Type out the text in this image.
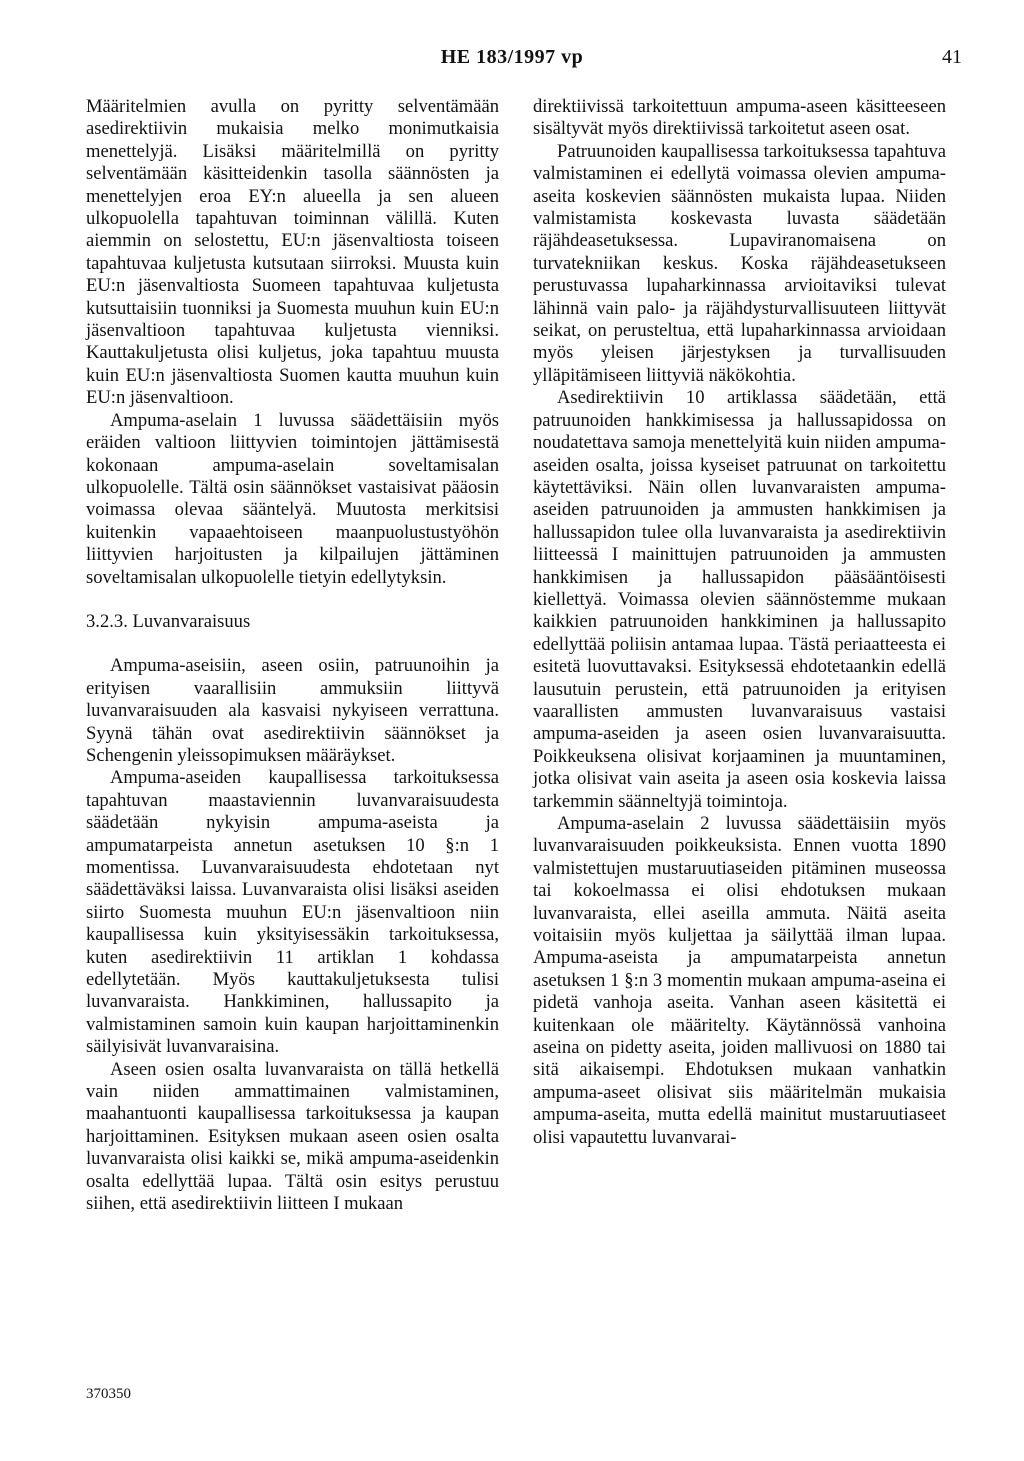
HE 183/1997 vp	41

Määritelmien avulla on pyritty selventämään asedirektiivin mukaisia melko monimutkaisia menettelyjä. Lisäksi määritelmillä on pyritty selventämään käsitteidenkin tasolla säännösten ja menettelyjen eroa EY:n alueella ja sen alueen ulkopuolella tapahtuvan toiminnan välillä. Kuten aiemmin on selostettu, EU:n jäsenvaltiosta toiseen tapahtuvaa kuljetusta kutsutaan siirroksi. Muusta kuin EU:n jäsenvaltiosta Suomeen tapahtuvaa kuljetusta kutsuttaisiin tuonniksi ja Suomesta muuhun kuin EU:n jäsenvaltioon tapahtuvaa kuljetusta vienniksi. Kauttakuljetusta olisi kuljetus, joka tapahtuu muusta kuin EU:n jäsenvaltiosta Suomen kautta muuhun kuin EU:n jäsenvaltioon.

Ampuma-aselain 1 luvussa säädettäisiin myös eräiden valtioon liittyvien toimintojen jättämisestä kokonaan ampuma-aselain soveltamisalan ulkopuolelle. Tältä osin säännökset vastaisivat pääosin voimassa olevaa sääntelyä. Muutosta merkitsisi kuitenkin vapaaehtoiseen maanpuolustustyöhön liittyvien harjoitusten ja kilpailujen jättäminen soveltamisalan ulkopuolelle tietyin edellytyksin.

3.2.3. Luvanvaraisuus

Ampuma-aseisiin, aseen osiin, patruunoihin ja erityisen vaarallisiin ammuksiin liittyvä luvanvaraisuuden ala kasvaisi nykyiseen verrattuna. Syynä tähän ovat asedirektiivin säännökset ja Schengenin yleissopimuksen määräykset.

Ampuma-aseiden kaupallisessa tarkoituksessa tapahtuvan maastaviennin luvanvaraisuudesta säädetään nykyisin ampuma-aseista ja ampumatarpeista annetun asetuksen 10 §:n 1 momentissa. Luvanvaraisuudesta ehdotetaan nyt säädettäväksi laissa. Luvanvaraista olisi lisäksi aseiden siirto Suomesta muuhun EU:n jäsenvaltioon niin kaupallisessa kuin yksityisessäkin tarkoituksessa, kuten asedirektiivin 11 artiklan 1 kohdassa edellytetään. Myös kauttakuljetuksesta tulisi luvanvaraista. Hankkiminen, hallussapito ja valmistaminen samoin kuin kaupan harjoittaminenkin säilyisivät luvanvaraisina.

Aseen osien osalta luvanvaraista on tällä hetkellä vain niiden ammattimainen valmistaminen, maahantuonti kaupallisessa tarkoituksessa ja kaupan harjoittaminen. Esityksen mukaan aseen osien osalta luvanvaraista olisi kaikki se, mikä ampuma-aseidenkin osalta edellyttää lupaa. Tältä osin esitys perustuu siihen, että asedirektiivin liitteen I mukaan

direktiivissä tarkoitettuun ampuma-aseen käsitteeseen sisältyvät myös direktiivissä tarkoitetut aseen osat.

Patruunoiden kaupallisessa tarkoituksessa tapahtuva valmistaminen ei edellytä voimassa olevien ampuma-aseita koskevien säännösten mukaista lupaa. Niiden valmistamista koskevasta luvasta säädetään räjähdeasetuksessa. Lupaviranomaisena on turvatekniikan keskus. Koska räjähdeasetukseen perustuvassa lupaharkinnassa arvioitaviksi tulevat lähinnä vain palo- ja räjähdysturvallisuuteen liittyvät seikat, on perusteltua, että lupaharkinnassa arvioidaan myös yleisen järjestyksen ja turvallisuuden ylläpitämiseen liittyviä näkökohtia.

Asedirektiivin 10 artiklassa säädetään, että patruunoiden hankkimisessa ja hallussapidossa on noudatettava samoja menettelyitä kuin niiden ampuma-aseiden osalta, joissa kyseiset patruunat on tarkoitettu käytettäviksi. Näin ollen luvanvaraisten ampuma-aseiden patruunoiden ja ammusten hankkimisen ja hallussapidon tulee olla luvanvaraista ja asedirektiivin liitteessä I mainittujen patruunoiden ja ammusten hankkimisen ja hallussapidon pääsääntöisesti kiellettyä. Voimassa olevien säännöstemme mukaan kaikkien patruunoiden hankkiminen ja hallussapito edellyttää poliisin antamaa lupaa. Tästä periaatteesta ei esitetä luovuttavaksi. Esityksessä ehdotetaankin edellä lausutuin perustein, että patruunoiden ja erityisen vaarallisten ammusten luvanvaraisuus vastaisi ampuma-aseiden ja aseen osien luvanvaraisuutta. Poikkeuksena olisivat korjaaminen ja muuntaminen, jotka olisivat vain aseita ja aseen osia koskevia laissa tarkemmin säänneltyjä toimintoja.

Ampuma-aselain 2 luvussa säädettäisiin myös luvanvaraisuuden poikkeuksista. Ennen vuotta 1890 valmistettujen mustaruutiaseiden pitäminen museossa tai kokoelmassa ei olisi ehdotuksen mukaan luvanvaraista, ellei aseilla ammuta. Näitä aseita voitaisiin myös kuljettaa ja säilyttää ilman lupaa. Ampuma-aseista ja ampumatarpeista annetun asetuksen 1 §:n 3 momentin mukaan ampuma-aseina ei pidetä vanhoja aseita. Vanhan aseen käsitettä ei kuitenkaan ole määritelty. Käytännössä vanhoina aseina on pidetty aseita, joiden mallivuosi on 1880 tai sitä aikaisempi. Ehdotuksen mukaan vanhatkin ampuma-aseet olisivat siis määritelmän mukaisia ampuma-aseita, mutta edellä mainitut mustaruutiaseet olisi vapautettu luvanvarai-

370350
